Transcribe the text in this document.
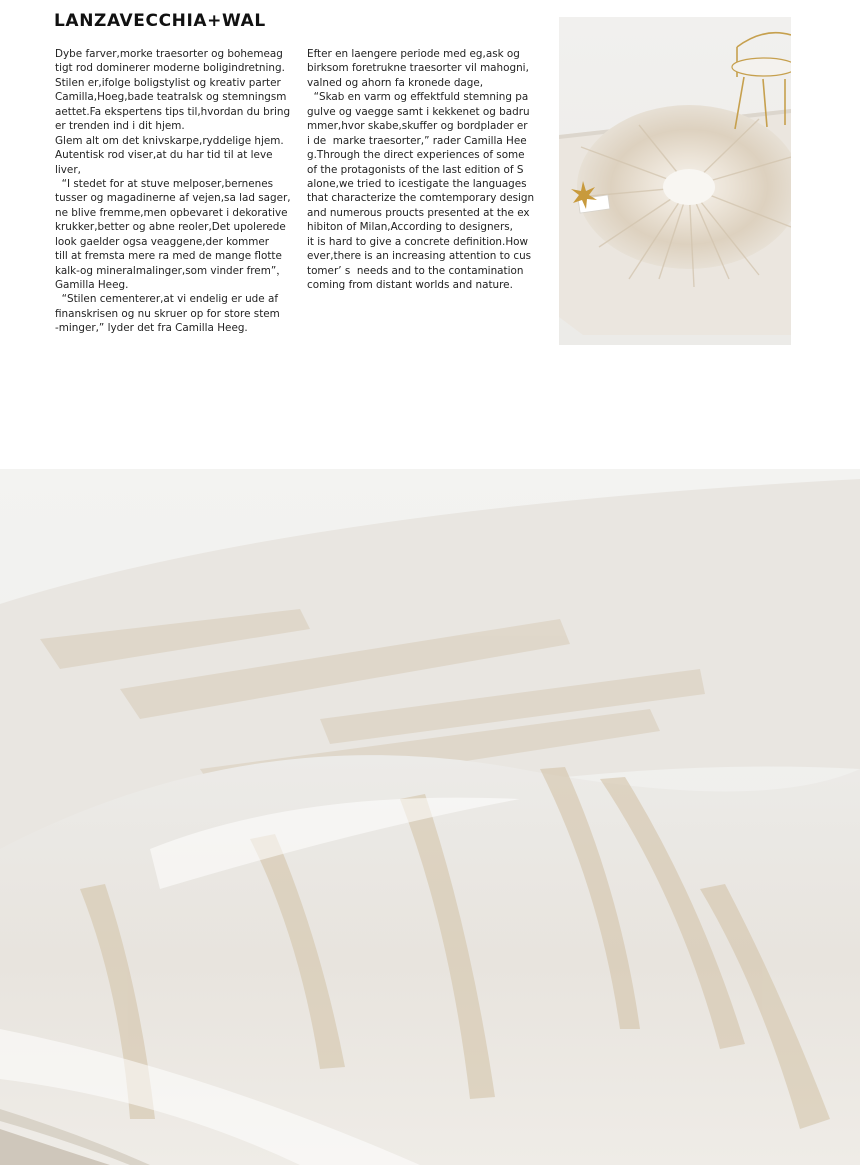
LANZAVECCHIA+WAL
Dybe farver,morke traesorter og bohemeag
tigt rod dominerer moderne boligindretning.
Stilen er,ifolge boligstylist og kreativ parter
Camilla,Hoeg,bade teatralsk og stemningsm
aettet.Fa ekspertens tips til,hvordan du bring
er trenden ind i dit hjem.
Glem alt om det knivskarpe,ryddelige hjem.
Autentisk rod viser,at du har tid til at leve
liver,
“I stedet for at stuve melposer,bernenes
tusser og magadinerne af vejen,sa lad sager,
ne blive fremme,men opbevaret i dekorative
krukker,better og abne reoler,Det upolerede
look gaelder ogsa veaggene,der kommer
till at fremsta mere ra med de mange flotte
kalk-og mineralmalinger,som vinder frem”，
Gamilla Heeg.
“Stilen cementerer,at vi endelig er ude af
finanskrisen og nu skruer op for store stem
-minger,” lyder det fra Camilla Heeg.
Efter en laengere periode med eg,ask og
birksom foretrukne traesorter vil mahogni,
valned og ahorn fa kronede dage,
“Skab en varm og effektfuld stemning pa
gulve og vaegge samt i kekkenet og badru
mmer,hvor skabe,skuffer og bordplader er
i de  marke traesorter,” rader Camilla Hee
g.Through the direct experiences of some
of the protagonists of the last edition of S
alone,we tried to icestigate the languages
that characterize the comtemporary design
and numerous proucts presented at the ex
hibiton of Milan,According to designers,
it is hard to give a concrete definition.How
ever,there is an increasing attention to cus
tomer’ s  needs and to the contamination
coming from distant worlds and nature.
